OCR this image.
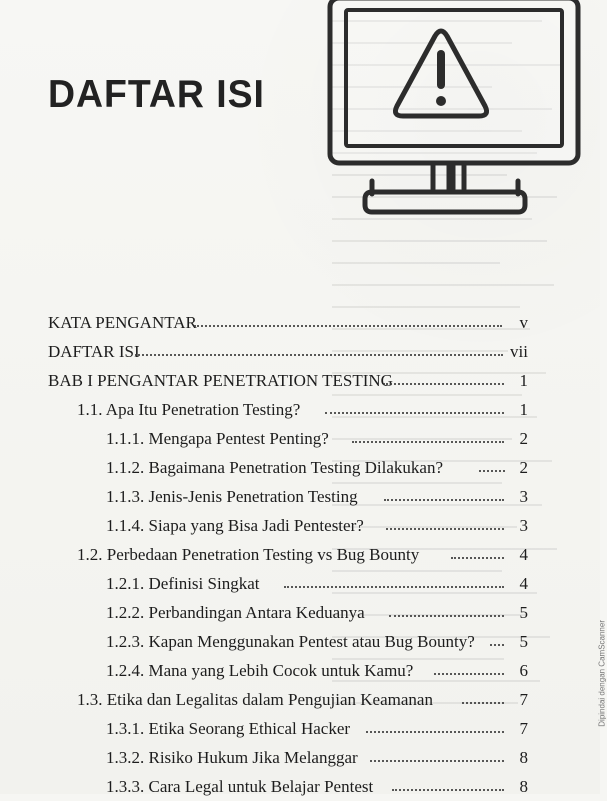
DAFTAR ISI
KATA PENGANTAR	v
DAFTAR ISI	vii
BAB I PENGANTAR PENETRATION TESTING	1
1.1. Apa Itu Penetration Testing?	1
1.1.1. Mengapa Pentest Penting?	2
1.1.2. Bagaimana Penetration Testing Dilakukan?	2
1.1.3. Jenis-Jenis Penetration Testing	3
1.1.4. Siapa yang Bisa Jadi Pentester?	3
1.2. Perbedaan Penetration Testing vs Bug Bounty	4
1.2.1. Definisi Singkat	4
1.2.2. Perbandingan Antara Keduanya	5
1.2.3. Kapan Menggunakan Pentest atau Bug Bounty?	5
1.2.4. Mana yang Lebih Cocok untuk Kamu?	6
1.3. Etika dan Legalitas dalam Pengujian Keamanan	7
1.3.1. Etika Seorang Ethical Hacker	7
1.3.2. Risiko Hukum Jika Melanggar	8
1.3.3. Cara Legal untuk Belajar Pentest	8
Dipindai dengan CamScanner
